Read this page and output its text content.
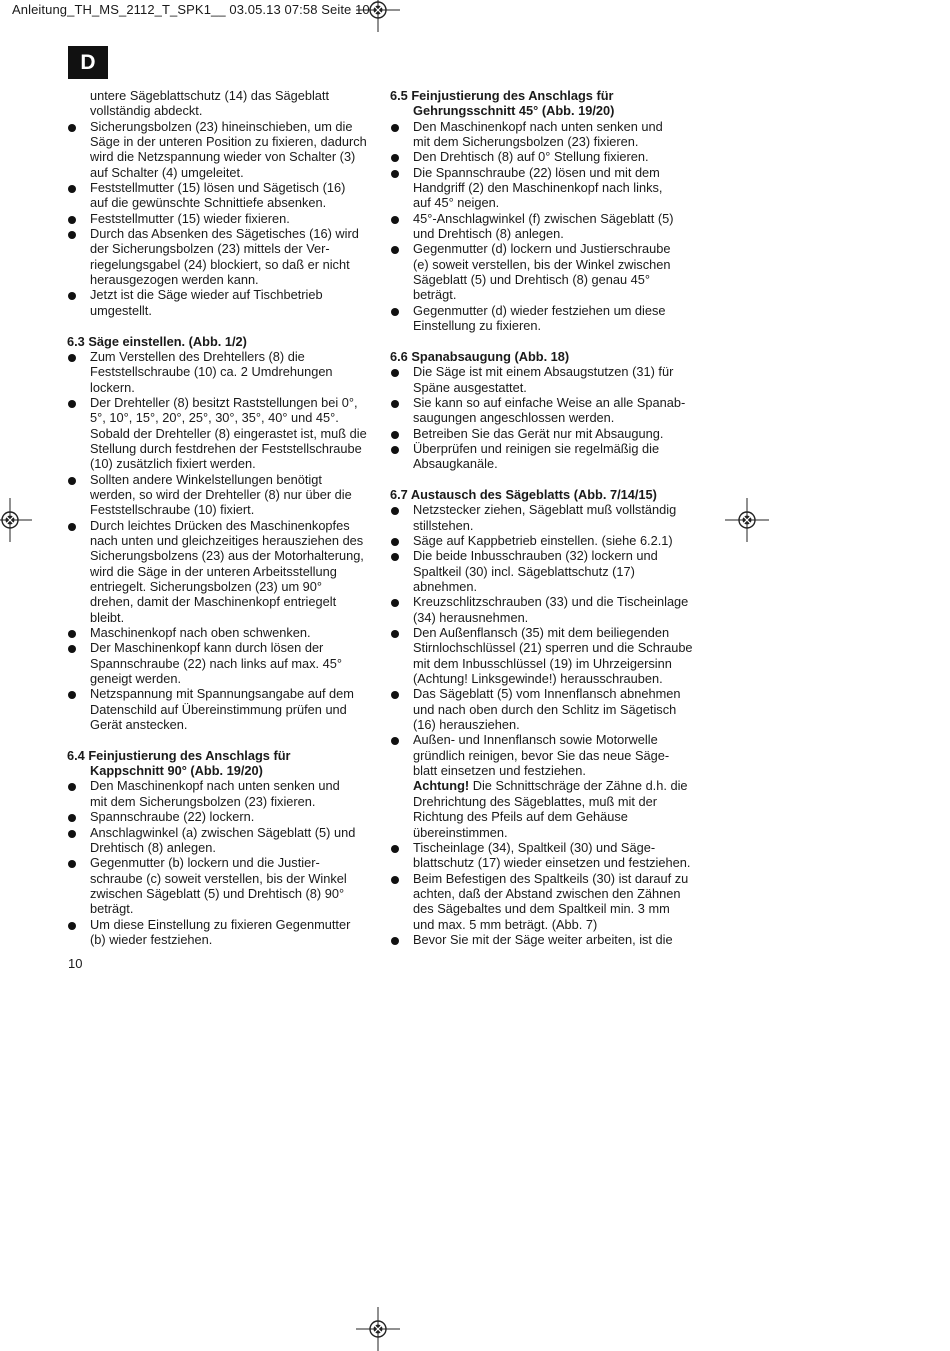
Anleitung_TH_MS_2112_T_SPK1__ 03.05.13 07:58 Seite 10
D
untere Sägeblattschutz (14) das Sägeblatt
vollständig abdeckt.
Sicherungsbolzen (23) hineinschieben, um die
Säge in der unteren Position zu fixieren, dadurch
wird die Netzspannung wieder von Schalter (3)
auf Schalter (4) umgeleitet.
Feststellmutter (15) lösen und Sägetisch (16)
auf die gewünschte Schnittiefe absenken.
Feststellmutter (15) wieder fixieren.
Durch das Absenken des Sägetisches (16) wird
der Sicherungsbolzen (23) mittels der Ver-
riegelungsgabel (24) blockiert, so daß er nicht
herausgezogen werden kann.
Jetzt ist die Säge wieder auf Tischbetrieb
umgestellt.
6.3 Säge einstellen. (Abb. 1/2)
Zum Verstellen des Drehtellers (8) die
Feststellschraube (10) ca. 2 Umdrehungen
lockern.
Der Drehteller (8) besitzt Raststellungen bei 0°,
5°, 10°, 15°, 20°, 25°, 30°, 35°, 40° und 45°.
Sobald der Drehteller (8) eingerastet ist, muß die
Stellung durch festdrehen der Feststellschraube
(10) zusätzlich fixiert werden.
Sollten andere Winkelstellungen benötigt
werden, so wird der Drehteller (8) nur über die
Feststellschraube (10) fixiert.
Durch leichtes Drücken des Maschinenkopfes
nach unten und gleichzeitiges herausziehen des
Sicherungsbolzens (23) aus der Motorhalterung,
wird die Säge in der unteren Arbeitsstellung
entriegelt. Sicherungsbolzen (23) um 90°
drehen, damit der Maschinenkopf entriegelt
bleibt.
Maschinenkopf nach oben schwenken.
Der Maschinenkopf kann durch lösen der
Spannschraube (22) nach links auf max. 45°
geneigt werden.
Netzspannung mit Spannungsangabe auf dem
Datenschild auf Übereinstimmung prüfen und
Gerät anstecken.
6.4 Feinjustierung des Anschlags für
Kappschnitt 90° (Abb. 19/20)
Den Maschinenkopf nach unten senken und
mit dem Sicherungsbolzen (23) fixieren.
Spannschraube (22) lockern.
Anschlagwinkel (a) zwischen Sägeblatt (5) und
Drehtisch (8) anlegen.
Gegenmutter (b) lockern und die Justier-
schraube (c) soweit verstellen, bis der Winkel
zwischen Sägeblatt (5) und Drehtisch (8) 90°
beträgt.
Um diese Einstellung zu fixieren Gegenmutter
(b) wieder festziehen.
10
6.5 Feinjustierung des Anschlags für
Gehrungsschnitt 45° (Abb. 19/20)
Den Maschinenkopf nach unten senken und
mit dem Sicherungsbolzen (23) fixieren.
Den Drehtisch (8) auf 0° Stellung fixieren.
Die Spannschraube (22) lösen und mit dem
Handgriff (2) den Maschinenkopf nach links,
auf 45° neigen.
45°-Anschlagwinkel (f) zwischen Sägeblatt (5)
und Drehtisch (8) anlegen.
Gegenmutter (d) lockern und Justierschraube
(e) soweit verstellen, bis der Winkel zwischen
Sägeblatt (5) und Drehtisch (8) genau 45°
beträgt.
Gegenmutter (d) wieder festziehen um diese
Einstellung zu fixieren.
6.6 Spanabsaugung (Abb. 18)
Die Säge ist mit einem Absaugstutzen (31) für
Späne ausgestattet.
Sie kann so auf einfache Weise an alle Spanab-
saugungen angeschlossen werden.
Betreiben Sie das Gerät nur mit Absaugung.
Überprüfen und reinigen sie regelmäßig die
Absaugkanäle.
6.7 Austausch des Sägeblatts (Abb. 7/14/15)
Netzstecker ziehen, Sägeblatt muß vollständig
stillstehen.
Säge auf Kappbetrieb einstellen. (siehe 6.2.1)
Die beide Inbusschrauben (32) lockern und
Spaltkeil (30) incl. Sägeblattschutz (17)
abnehmen.
Kreuzschlitzschrauben (33) und die Tischeinlage
(34) herausnehmen.
Den Außenflansch (35) mit dem beiliegenden
Stirnlochschlüssel (21) sperren und die Schraube
mit dem Inbusschlüssel (19) im Uhrzeigersinn
(Achtung! Linksgewinde!) herausschrauben.
Das Sägeblatt (5) vom Innenflansch abnehmen
und nach oben durch den Schlitz im Sägetisch
(16) herausziehen.
Außen- und Innenflansch sowie Motorwelle
gründlich reinigen, bevor Sie das neue Säge-
blatt einsetzen und festziehen.
Achtung! Die Schnittschräge der Zähne d.h. die
Drehrichtung des Sägeblattes, muß mit der
Richtung des Pfeils auf dem Gehäuse
übereinstimmen.
Tischeinlage (34), Spaltkeil (30) und Säge-
blattschutz (17) wieder einsetzen und festziehen.
Beim Befestigen des Spaltkeils (30) ist darauf zu
achten, daß der Abstand zwischen den Zähnen
des Sägebaltes und dem Spaltkeil min. 3 mm
und max. 5 mm beträgt. (Abb. 7)
Bevor Sie mit der Säge weiter arbeiten, ist die
